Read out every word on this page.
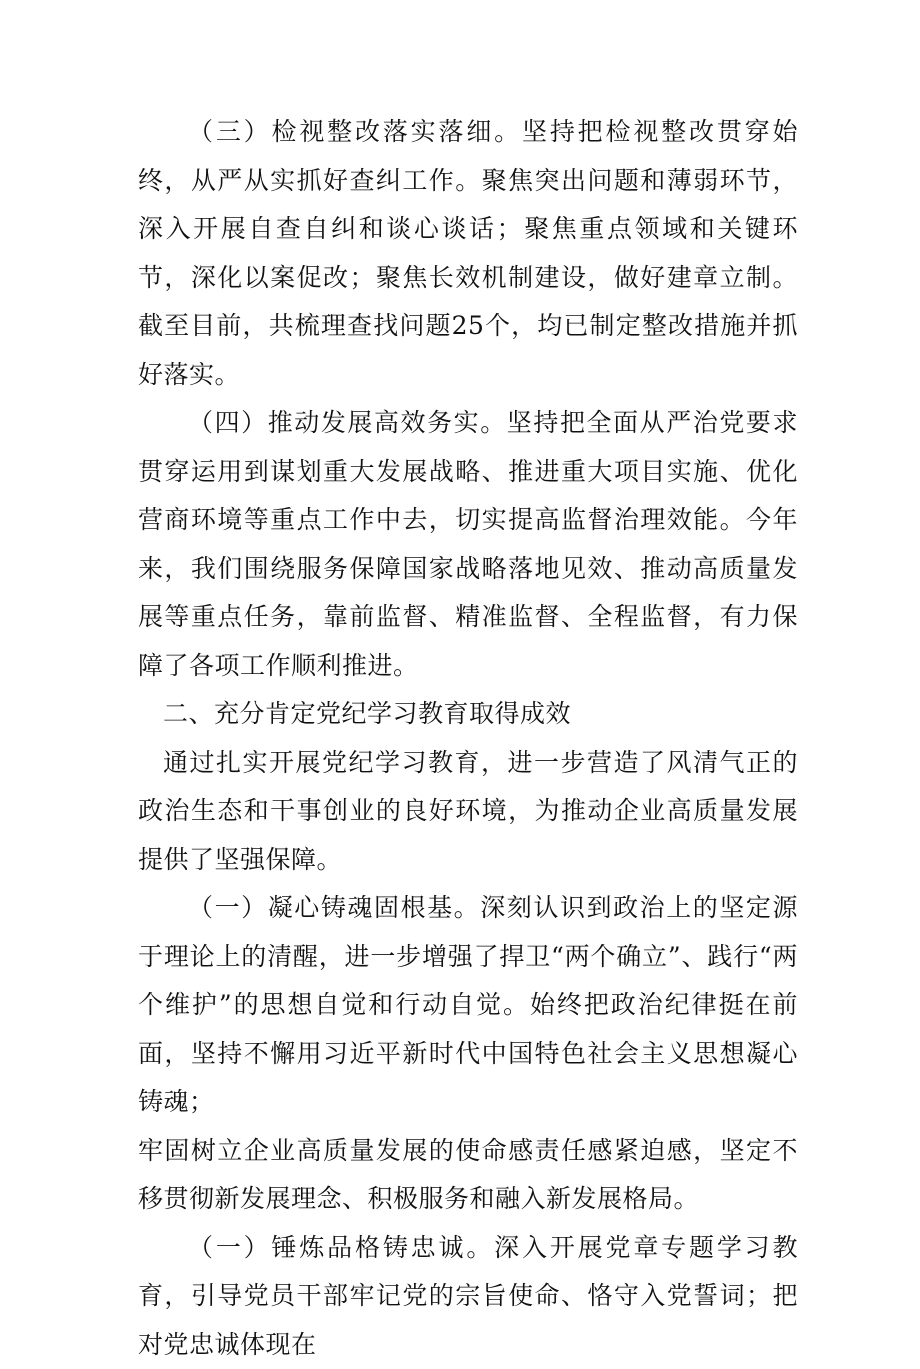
（三）检视整改落实落细。坚持把检视整改贯穿始终，从严从实抓好查纠工作。聚焦突出问题和薄弱环节，深入开展自查自纠和谈心谈话；聚焦重点领域和关键环节，深化以案促改；聚焦长效机制建设，做好建章立制。截至目前，共梳理查找问题25个，均已制定整改措施并抓好落实。

（四）推动发展高效务实。坚持把全面从严治党要求贯穿运用到谋划重大发展战略、推进重大项目实施、优化营商环境等重点工作中去，切实提高监督治理效能。今年来，我们围绕服务保障国家战略落地见效、推动高质量发展等重点任务，靠前监督、精准监督、全程监督，有力保障了各项工作顺利推进。

二、充分肯定党纪学习教育取得成效

通过扎实开展党纪学习教育，进一步营造了风清气正的政治生态和干事创业的良好环境，为推动企业高质量发展提供了坚强保障。

（一）凝心铸魂固根基。深刻认识到政治上的坚定源于理论上的清醒，进一步增强了捍卫“两个确立”、践行“两个维护”的思想自觉和行动自觉。始终把政治纪律挺在前面，坚持不懈用习近平新时代中国特色社会主义思想凝心铸魂；

牢固树立企业高质量发展的使命感责任感紧迫感，坚定不移贯彻新发展理念、积极服务和融入新发展格局。

（一）锤炼品格铸忠诚。深入开展党章专题学习教育，引导党员干部牢记党的宗旨使命、恪守入党誓词；把对党忠诚体现在
